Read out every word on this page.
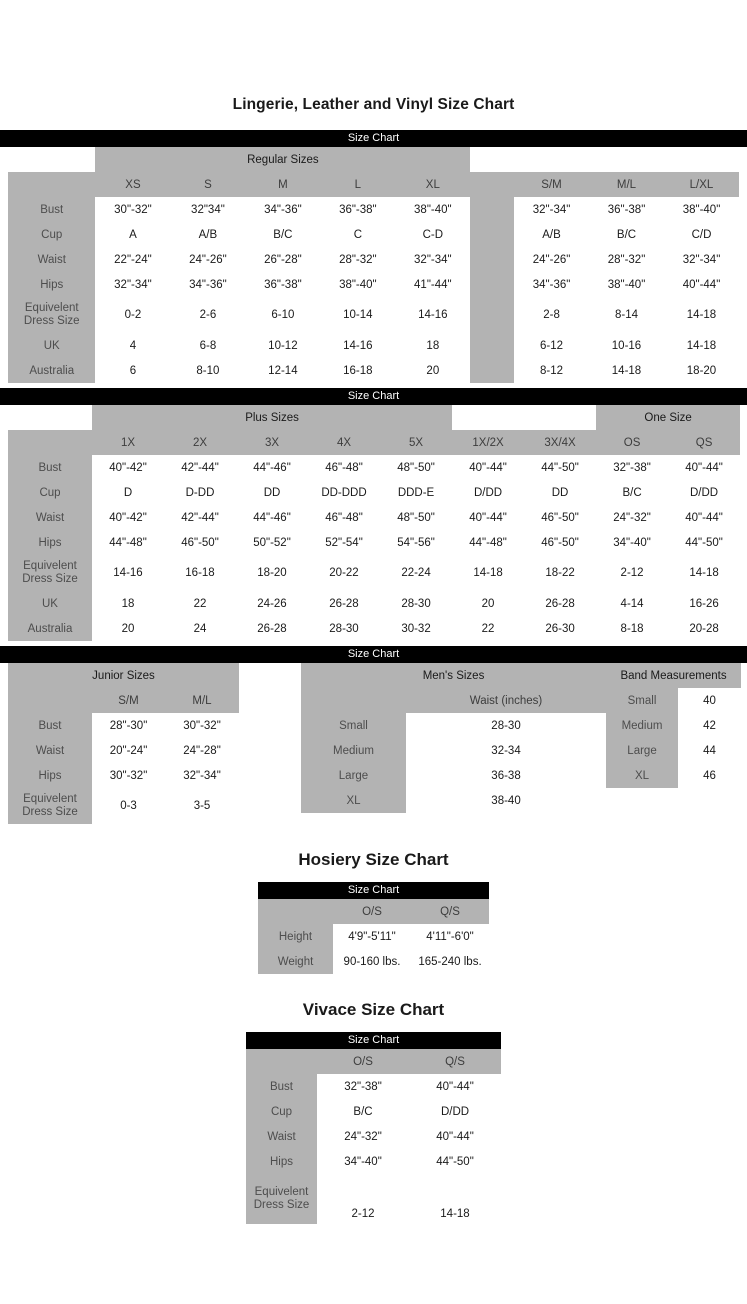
Lingerie, Leather and Vinyl Size Chart
Size Chart
	Regular Sizes								
	XS	S	M	L	XL		S/M	M/L	L/XL
Bust	30"-32"	32"34"	34"-36"	36"-38"	38"-40"		32"-34"	36"-38"	38"-40"
Cup	A	A/B	B/C	C	C-D		A/B	B/C	C/D
Waist	22"-24"	24"-26"	26"-28"	28"-32"	32"-34"		24"-26"	28"-32"	32"-34"
Hips	32"-34"	34"-36"	36"-38"	38"-40"	41"-44"		34"-36"	38"-40"	40"-44"
Equivelent Dress Size	0-2	2-6	6-10	10-14	14-16		2-8	8-14	14-18
UK	4	6-8	10-12	14-16	18		6-12	10-16	14-18
Australia	6	8-10	12-14	16-18	20		8-12	14-18	18-20
Size Chart
	Plus Sizes							One Size	
	1X	2X	3X	4X	5X	1X/2X	3X/4X	OS	QS
Bust	40"-42"	42"-44"	44"-46"	46"-48"	48"-50"	40"-44"	44"-50"	32"-38"	40"-44"
Cup	D	D-DD	DD	DD-DDD	DDD-E	D/DD	DD	B/C	D/DD
Waist	40"-42"	42"-44"	44"-46"	46"-48"	48"-50"	40"-44"	46"-50"	24"-32"	40"-44"
Hips	44"-48"	46"-50"	50"-52"	52"-54"	54"-56"	44"-48"	46"-50"	34"-40"	44"-50"
Equivelent Dress Size	14-16	16-18	18-20	20-22	22-24	14-18	18-22	2-12	14-18
UK	18	22	24-26	26-28	28-30	20	26-28	4-14	16-26
Australia	20	24	26-28	28-30	30-32	22	26-30	8-18	20-28
Size Chart
Junior Sizes		
	S/M	M/L
Bust	28"-30"	30"-32"
Waist	20"-24"	24"-28"
Hips	30"-32"	32"-34"
Equivelent Dress Size	0-3	3-5
Men's Sizes	
	Waist (inches)
Small	28-30
Medium	32-34
Large	36-38
XL	38-40
Band Measurements	
Small	40
Medium	42
Large	44
XL	46
Hosiery Size Chart
Size Chart
	O/S	Q/S
Height	4'9"-5'11"	4'11"-6'0"
Weight	90-160 lbs.	165-240 lbs.
Vivace Size Chart
Size Chart
	O/S	Q/S
Bust	32"-38"	40"-44"
Cup	B/C	D/DD
Waist	24"-32"	40"-44"
Hips	34"-40"	44"-50"
Equivelent Dress Size	2-12	14-18
